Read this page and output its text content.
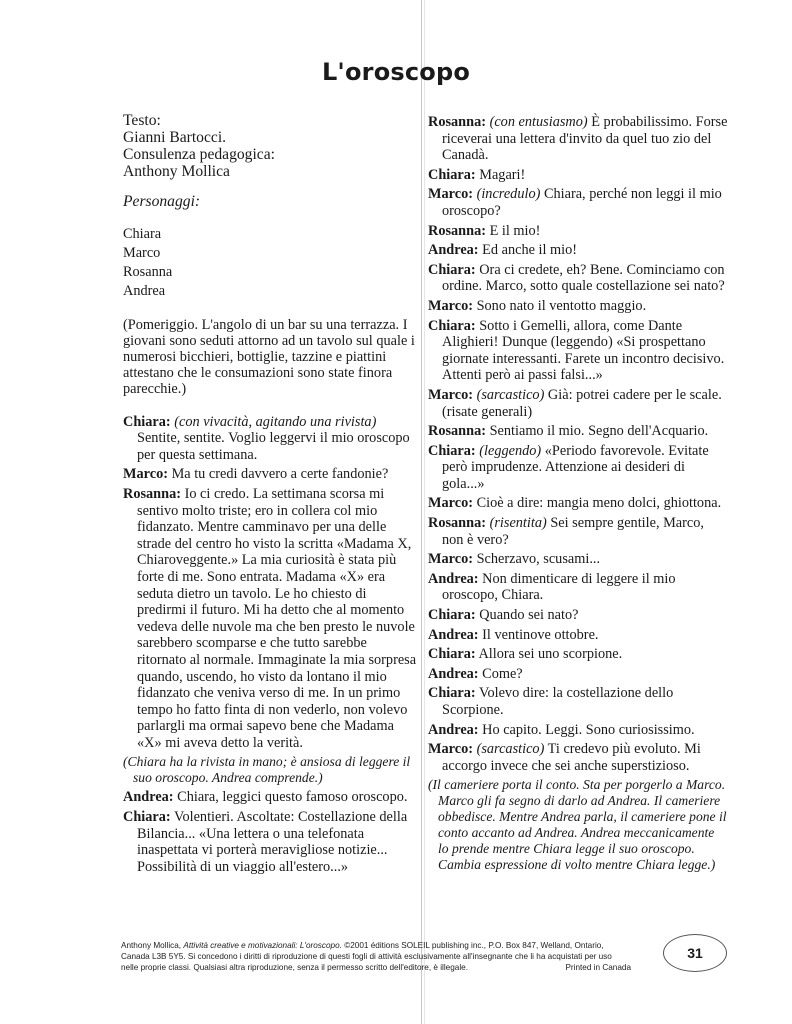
L'oroscopo
Testo:
Gianni Bartocci.
Consulenza pedagogica:
Anthony Mollica
Personaggi:
Chiara
Marco
Rosanna
Andrea
(Pomeriggio. L'angolo di un bar su una terrazza. I giovani sono seduti attorno ad un tavolo sul quale i numerosi bicchieri, bottiglie, tazzine e piattini attestano che le consumazioni sono state finora parecchie.)
Chiara: (con vivacità, agitando una rivista) Sentite, sentite. Voglio leggervi il mio oroscopo per questa settimana.
Marco: Ma tu credi davvero a certe fandonie?
Rosanna: Io ci credo. La settimana scorsa mi sentivo molto triste; ero in collera col mio fidanzato. Mentre camminavo per una delle strade del centro ho visto la scritta «Madama X, Chiaroveggente.» La mia curiosità è stata più forte di me. Sono entrata. Madama «X» era seduta dietro un tavolo. Le ho chiesto di predirmi il futuro. Mi ha detto che al momento vedeva delle nuvole ma che ben presto le nuvole sarebbero scomparse e che tutto sarebbe ritornato al normale. Immaginate la mia sorpresa quando, uscendo, ho visto da lontano il mio fidanzato che veniva verso di me. In un primo tempo ho fatto finta di non vederlo, non volevo parlargli ma ormai sapevo bene che Madama «X» mi aveva detto la verità.
(Chiara ha la rivista in mano; è ansiosa di leggere il suo oroscopo. Andrea comprende.)
Andrea: Chiara, leggici questo famoso oroscopo.
Chiara: Volentieri. Ascoltate: Costellazione della Bilancia... «Una lettera o una telefonata inaspettata vi porterà meravigliose notizie... Possibilità di un viaggio all'estero...»
Rosanna: (con entusiasmo) È probabilissimo. Forse riceverai una lettera d'invito da quel tuo zio del Canadà.
Chiara: Magari!
Marco: (incredulo) Chiara, perché non leggi il mio oroscopo?
Rosanna: E il mio!
Andrea: Ed anche il mio!
Chiara: Ora ci credete, eh? Bene. Cominciamo con ordine. Marco, sotto quale costellazione sei nato?
Marco: Sono nato il ventotto maggio.
Chiara: Sotto i Gemelli, allora, come Dante Alighieri! Dunque (leggendo) «Si prospettano giornate interessanti. Farete un incontro decisivo. Attenti però ai passi falsi...»
Marco: (sarcastico) Già: potrei cadere per le scale. (risate generali)
Rosanna: Sentiamo il mio. Segno dell'Acquario.
Chiara: (leggendo) «Periodo favorevole. Evitate però imprudenze. Attenzione ai desideri di gola...»
Marco: Cioè a dire: mangia meno dolci, ghiottona.
Rosanna: (risentita) Sei sempre gentile, Marco, non è vero?
Marco: Scherzavo, scusami...
Andrea: Non dimenticare di leggere il mio oroscopo, Chiara.
Chiara: Quando sei nato?
Andrea: Il ventinove ottobre.
Chiara: Allora sei uno scorpione.
Andrea: Come?
Chiara: Volevo dire: la costellazione dello Scorpione.
Andrea: Ho capito. Leggi. Sono curiosissimo.
Marco: (sarcastico) Ti credevo più evoluto. Mi accorgo invece che sei anche superstizioso.
(Il cameriere porta il conto. Sta per porgerlo a Marco. Marco gli fa segno di darlo ad Andrea. Il cameriere obbedisce. Mentre Andrea parla, il cameriere pone il conto accanto ad Andrea. Andrea meccanicamente lo prende mentre Chiara legge il suo oroscopo. Cambia espressione di volto mentre Chiara legge.)
Anthony Mollica, Attività creative e motivazionali: L'oroscopo. ©2001 éditions SOLEIL publishing inc., P.O. Box 847, Welland, Ontario,
Canada L3B 5Y5. Si concedono i diritti di riproduzione di questi fogli di attività esclusivamente all'insegnante che li ha acquistati per uso
nelle proprie classi. Qualsiasi altra riproduzione, senza il permesso scritto dell'editore, è illegale.	Printed in Canada
31
